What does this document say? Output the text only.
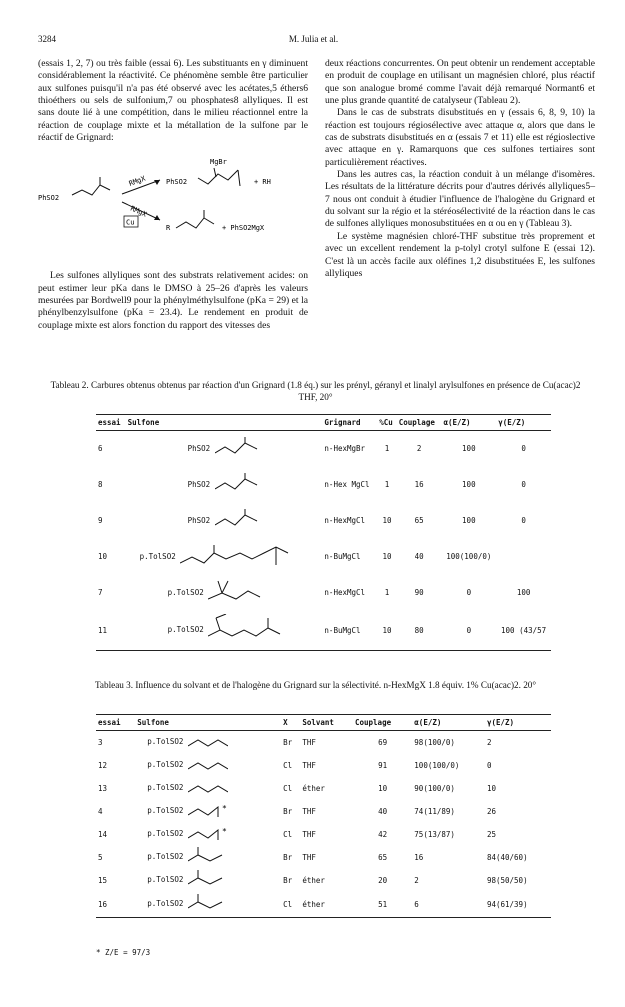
3284	M. Julia et al.

(essais 1, 2, 7) ou très faible (essai 6). Les substituants en γ diminuent considérablement la réactivité. Ce phénomène semble être particulier aux sulfones puisqu'il n'a pas été observé avec les acétates,5 éthers6 thioéthers ou sels de sulfonium,7 ou phosphates8 allyliques. Il est sans doute lié à une compétition, dans le milieu réactionnel entre la réaction de couplage mixte et la métallation de la sulfone par le réactif de Grignard:

PhSO2
RMgX
RMgX
Cu
MgBr
PhSO2	+ RH
R	+ PhSO2MgX

Les sulfones allyliques sont des substrats relativement acides: on peut estimer leur pKa dans le DMSO à 25–26 d'après les valeurs mesurées par Bordwell9 pour la phénylméthylsulfone (pKa = 29) et la phénylbenzylsulfone (pKa = 23.4). Le rendement en produit de couplage mixte est alors fonction du rapport des vitesses des

deux réactions concurrentes. On peut obtenir un rendement acceptable en produit de couplage en utilisant un magnésien chloré, plus réactif que son analogue bromé comme l'avait déjà remarqué Normant6 et une plus grande quantité de catalyseur (Tableau 2).

Dans le cas de substrats disubstitués en γ (essais 6, 8, 9, 10) la réaction est toujours régiosélective avec attaque α, alors que dans le cas de substrats disubstitués en α (essais 7 et 11) elle est régioslective avec attaque en γ. Ramarquons que ces sulfones tertiaires sont particulièrement réactives.

Dans les autres cas, la réaction conduit à un mélange d'isomères. Les résultats de la littérature décrits pour d'autres dérivés allyliques5–7 nous ont conduit à étudier l'influence de l'halogène du Grignard et du solvant sur la régio et la stéréosélectivité de la réaction dans le cas de sulfones allyliques monosubstituées en α ou en γ (Tableau 3).

Le système magnésien chloré-THF substitue très proprement et avec un excellent rendement la p-tolyl crotyl sulfone E (essai 12). C'est là un accès facile aux oléfines 1,2 disubstituées E, les sulfones allyliques

Tableau 2. Carbures obtenus obtenus par réaction d'un Grignard (1.8 éq.) sur les prényl, géranyl et linalyl arylsulfones en présence de Cu(acac)2 THF, 20°
essai	Sulfone	Grignard	%Cu	Couplage	α(E/Z)	γ(E/Z)
6	PhSO2	n-HexMgBr	1	2	100	0
8	PhSO2	n-Hex MgCl	1	16	100	0
9	PhSO2	n-HexMgCl	10	65	100	0
10	p.TolSO2	n-BuMgCl	10	40	100(100/0)	
7	p.TolSO2	n-HexMgCl	1	90	0	100
11	p.TolSO2	n-BuMgCl	10	80	0	100 (43/57
Tableau 3. Influence du solvant et de l'halogène du Grignard sur la sélectivité. n-HexMgX 1.8 équiv. 1% Cu(acac)2. 20°
essai	Sulfone	X	Solvant	Couplage	α(E/Z)	γ(E/Z)
3	p.TolSO2	Br	THF	69	98(100/0)	2
12	p.TolSO2	Cl	THF	91	100(100/0)	0
13	p.TolSO2	Cl	éther	10	90(100/0)	10
4	p.TolSO2 *	Br	THF	40	74(11/89)	26
14	p.TolSO2 *	Cl	THF	42	75(13/87)	25
5	p.TolSO2	Br	THF	65	16	84(40/60)
15	p.TolSO2	Br	éther	20	2	98(50/50)
16	p.TolSO2	Cl	éther	51	6	94(61/39)
* Z/E = 97/3
